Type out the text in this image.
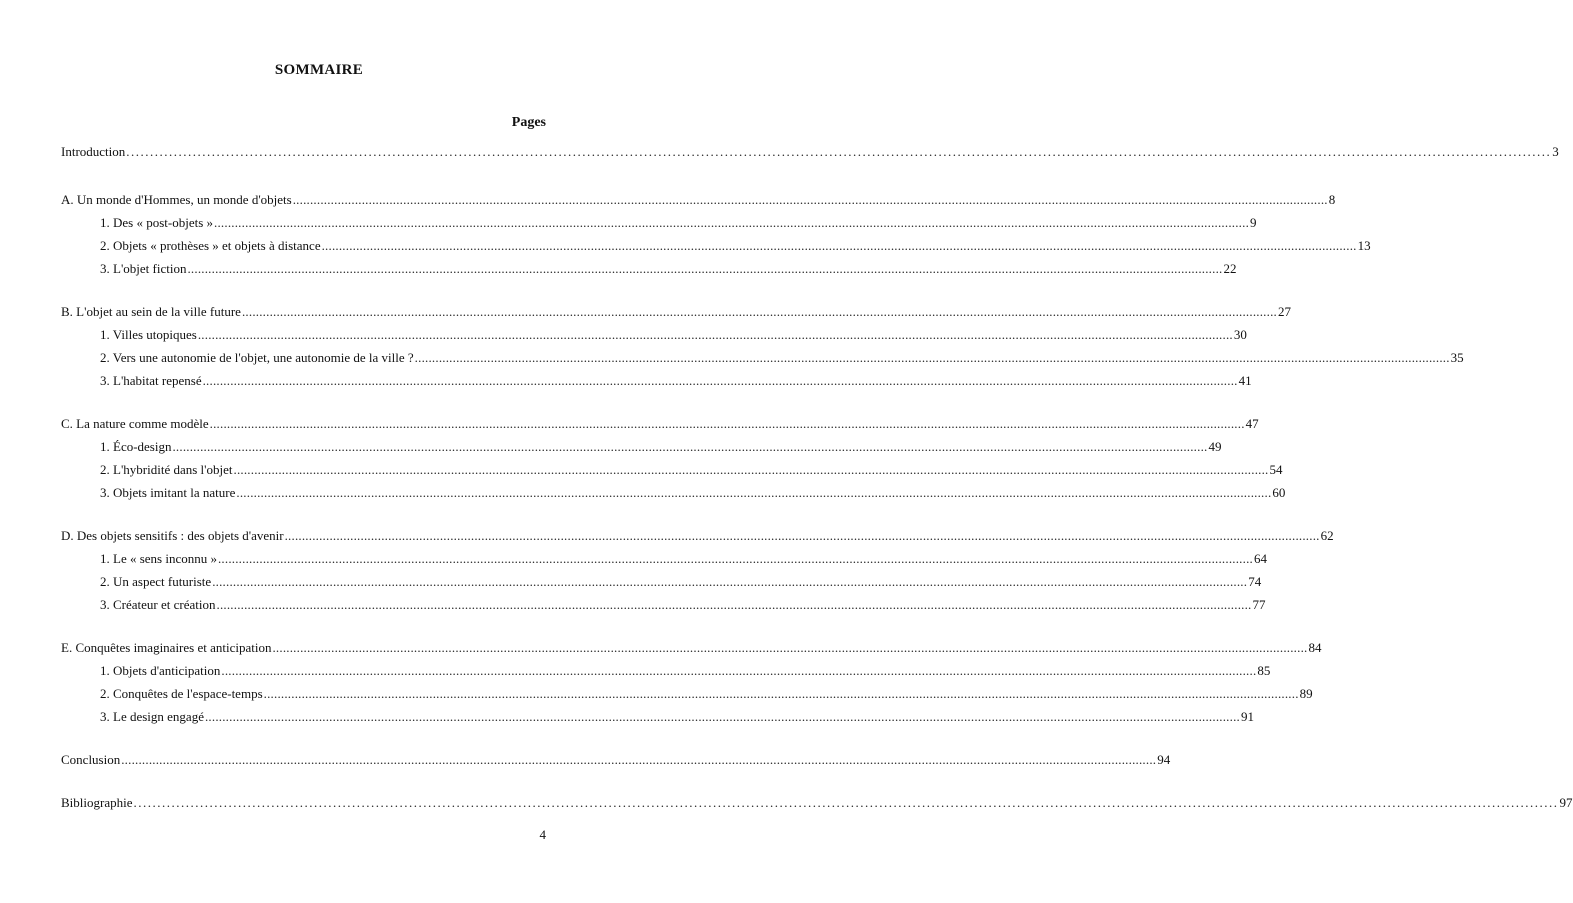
SOMMAIRE
Pages
Introduction ............................................................................................................................................................................................................................................................................................................ 3
A. Un monde d'Hommes, un monde d'objets ............................................................................................................................................................................................................................................................................................................ 8
1. Des « post-objets » ............................................................................................................................................................................................................................................................................................................ 9
2. Objets « prothèses » et objets à distance ............................................................................................................................................................................................................................................................................................................ 13
3. L'objet fiction ............................................................................................................................................................................................................................................................................................................ 22
B. L'objet au sein de la ville future ............................................................................................................................................................................................................................................................................................................ 27
1. Villes utopiques ............................................................................................................................................................................................................................................................................................................ 30
2. Vers une autonomie de l'objet, une autonomie de la ville ? ............................................................................................................................................................................................................................................................................................................ 35
3. L'habitat repensé ............................................................................................................................................................................................................................................................................................................ 41
C. La nature comme modèle ............................................................................................................................................................................................................................................................................................................ 47
1. Éco-design ............................................................................................................................................................................................................................................................................................................ 49
2. L'hybridité dans l'objet ............................................................................................................................................................................................................................................................................................................ 54
3. Objets imitant la nature ............................................................................................................................................................................................................................................................................................................ 60
D. Des objets sensitifs : des objets d'avenir ............................................................................................................................................................................................................................................................................................................ 62
1. Le « sens inconnu » ............................................................................................................................................................................................................................................................................................................ 64
2. Un aspect futuriste ............................................................................................................................................................................................................................................................................................................ 74
3. Créateur et création ............................................................................................................................................................................................................................................................................................................ 77
E. Conquêtes imaginaires et anticipation ............................................................................................................................................................................................................................................................................................................ 84
1. Objets d'anticipation ............................................................................................................................................................................................................................................................................................................ 85
2. Conquêtes de l'espace-temps ............................................................................................................................................................................................................................................................................................................ 89
3. Le design engagé ............................................................................................................................................................................................................................................................................................................ 91
Conclusion ............................................................................................................................................................................................................................................................................................................ 94
Bibliographie ............................................................................................................................................................................................................................................................................................................ 97
4
